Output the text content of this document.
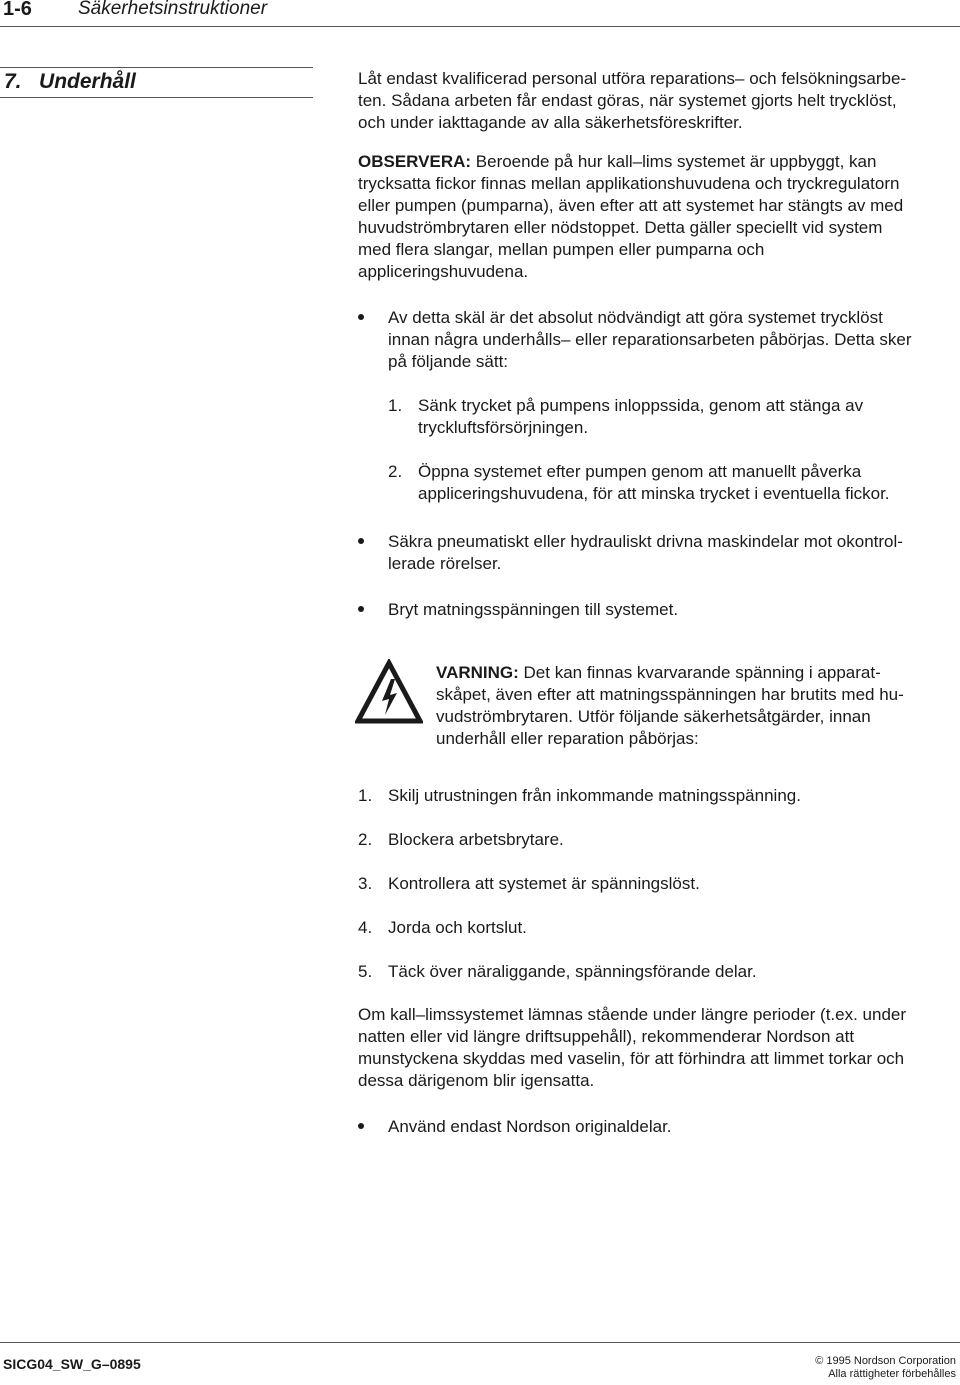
1-6 Säkerhetsinstruktioner
7. Underhåll	Låt endast kvalificerad personal utföra reparations– och felsökningsarbe-

ten. Sådana arbeten får endast göras, när systemet gjorts helt trycklöst,

och under iakttagande av alla säkerhetsföreskrifter.

OBSERVERA: Beroende på hur kall–lims systemet är uppbyggt, kan

trycksatta fickor finnas mellan applikationshuvudena och tryckregulatorn

eller pumpen (pumparna), även efter att att systemet har stängts av med

huvudströmbrytaren eller nödstoppet. Detta gäller speciellt vid system

med flera slangar, mellan pumpen eller pumparna och

appliceringshuvudena.

Av detta skäl är det absolut nödvändigt att göra systemet trycklöst

innan några underhålls– eller reparationsarbeten påbörjas. Detta sker

på följande sätt:

1. Sänk trycket på pumpens inloppssida, genom att stänga av

tryckluftsförsörjningen.

2. Öppna systemet efter pumpen genom att manuellt påverka

appliceringshuvudena, för att minska trycket i eventuella fickor.

Säkra pneumatiskt eller hydrauliskt drivna maskindelar mot okontrol-

lerade rörelser.

Bryt matningsspänningen till systemet.

VARNING: Det kan finnas kvarvarande spänning i apparat-

skåpet, även efter att matningsspänningen har brutits med hu-

vudströmbrytaren. Utför följande säkerhetsåtgärder, innan

underhåll eller reparation påbörjas:

1. Skilj utrustningen från inkommande matningsspänning.
2. Blockera arbetsbrytare.
3. Kontrollera att systemet är spänningslöst.
4. Jorda och kortslut.
5. Täck över näraliggande, spänningsförande delar.

Om kall–limssystemet lämnas stående under längre perioder (t.ex. under

natten eller vid längre driftsuppehåll), rekommenderar Nordson att

munstyckena skyddas med vaselin, för att förhindra att limmet torkar och

dessa därigenom blir igensatta.

Använd endast Nordson originaldelar.

SICG04_SW_G–0895	© 1995 Nordson Corporation
Alla rättigheter förbehålles
